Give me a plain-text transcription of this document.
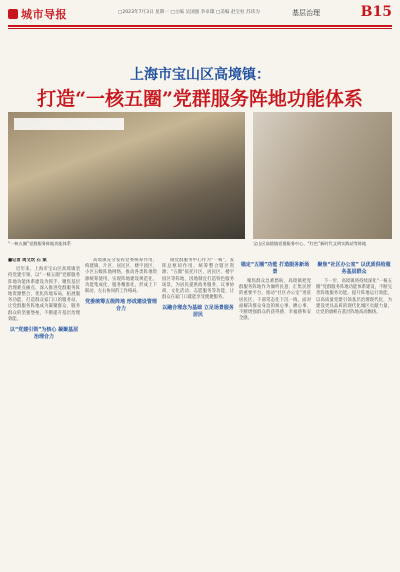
城市导报	□2023年7月3日 星期一 □主编 吴国强 李卓璨 □美编 赵宝柱 苏玮为	基层治理	B15
上海市宝山区高境镇：
打造“一核五圈”党群服务阵地功能体系
“一核五圈”党群服务阵地功能体系	宝山区高境镇党群服务中心、“红色”新时代文明实践站等阵地
■记者 周文坎 石 斌

近年来，上海市宝山区高境镇坚持党建引领，以“一核五圈”党群服务阵地功能体系建设为抓手，聚焦基层治理难点痛点，深入推进党群服务阵地资源整合，优化阵地布局，拓展服务功能，打造群众家门口的服务站，让党群服务阵地成为凝聚群众、服务群众的坚强堡垒，不断提升基层治理效能。

以“党建引领”为核心 凝聚基层治理合力

高境镇充分发挥党委统筹作用，构建镇、片区、居民区、楼宇园区、小区五级阵地网络，推动各类阵地资源统筹使用，实现阵地建设规范化、功能集成化、服务精准化，形成上下联动、左右协同的工作格局。

党委统筹五级阵地 形成建设管理合力

镇党群服务中心作为“一核”，发挥总枢纽作用，统筹整合辖区资源；“五圈”依托片区、居民区、楼宇园区等阵地，因地制宜打造特色服务场景，为居民提供政务服务、议事协商、文化活动、志愿服务等功能，让群众在家门口就能享受便捷服务。

以融合理念为基础 立足场景服务居民
锚定“五圈”功能 打造服务新场景

聚焦群众急难愁盼，高境镇把党群服务阵地作为倾听民意、汇集民智的重要平台，推动“社区办公室”进驻居民区，干部常态化下沉一线，面对面解决群众身边的烦心事、揪心事，不断增强群众的获得感、幸福感和安全感。

聚焦“社区办公室” 以优质供给服务基层群众

下一步，高境镇将持续深化“一核五圈”党群服务阵地功能体系建设，不断完善阵地服务功能，提升阵地运行效能，以高质量党建引领基层治理现代化，为建设更具品质的现代化城区贡献力量，让党的旗帜在基层阵地高高飘扬。
